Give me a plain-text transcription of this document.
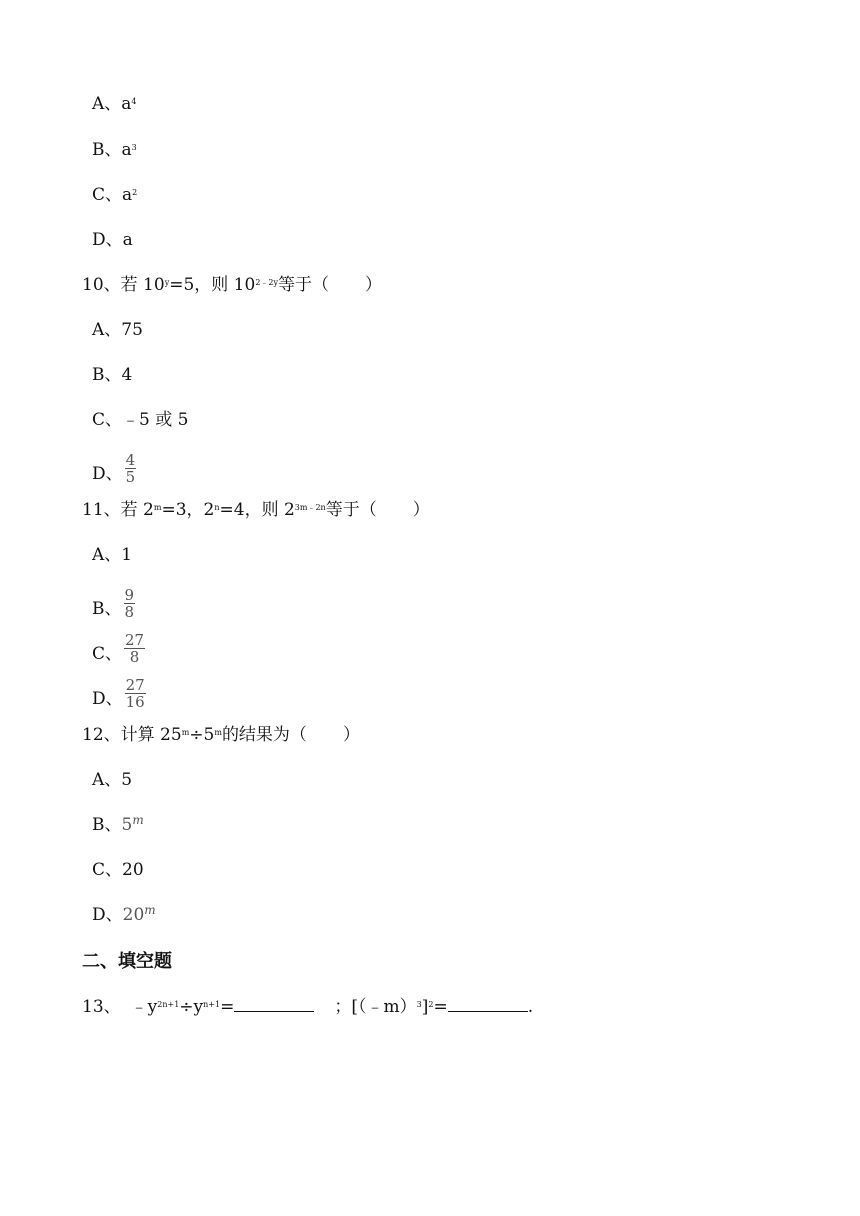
A、$a^4$
B、$a^3$
C、$a^2$
D、a
10、若 $10^y=5$，则 $10^{2﹣2y}$等于（ ）
A、75
B、4
C、﹣5 或 5
D、 $\frac{4}{5}$
11、若 $2^m=3$，$2^n=4$，则 $2^{3m﹣2n}$等于（ ）
A、1
B、 $\frac{9}{8}$
C、 $\frac{27}{8}$
D、 $\frac{27}{16}$
12、计算 $25^m\div 5^m$的结果为（ ）
A、5
B、5$^m$
C、20
D、20$^m$
二、填空题
13、 $﹣y^{2n+1}\div y^{n+1}=$	；[（﹣m）$^3$]$^2$=	.
